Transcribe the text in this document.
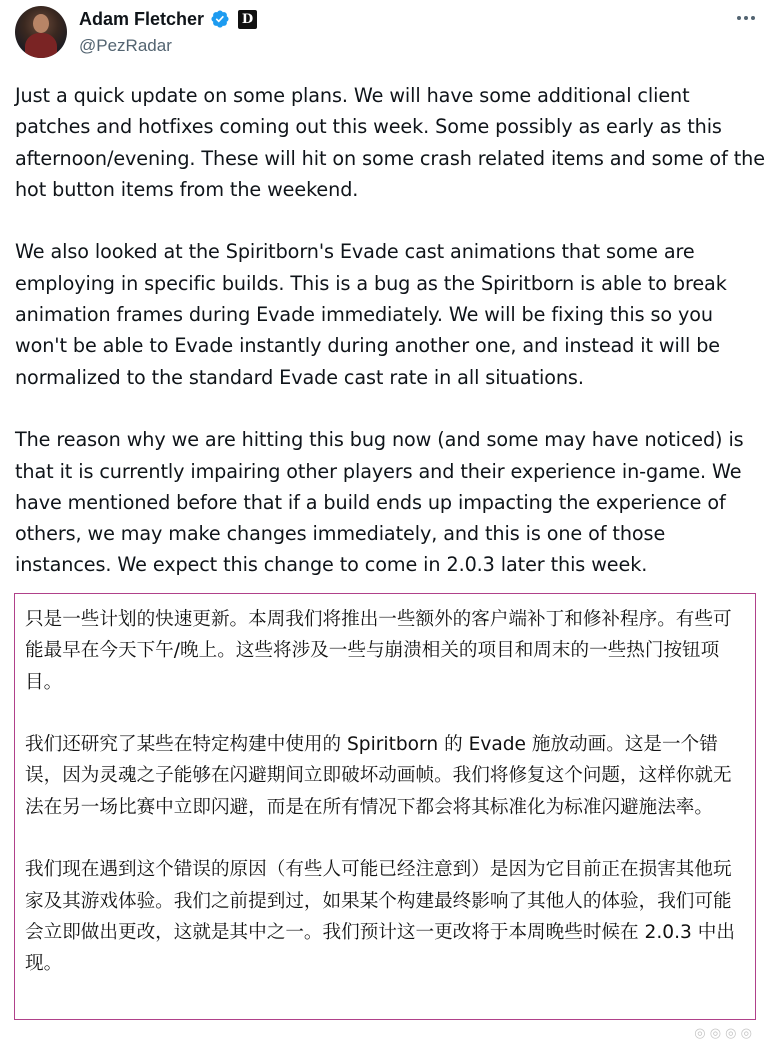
Adam Fletcher	D
@PezRadar

Just a quick update on some plans. We will have some additional client patches and hotfixes coming out this week. Some possibly as early as this afternoon/evening. These will hit on some crash related items and some of the hot button items from the weekend.

We also looked at the Spiritborn's Evade cast animations that some are employing in specific builds. This is a bug as the Spiritborn is able to break animation frames during Evade immediately. We will be fixing this so you won't be able to Evade instantly during another one, and instead it will be normalized to the standard Evade cast rate in all situations.

The reason why we are hitting this bug now (and some may have noticed) is that it is currently impairing other players and their experience in-game. We have mentioned before that if a build ends up impacting the experience of others, we may make changes immediately, and this is one of those instances. We expect this change to come in 2.0.3 later this week.

只是一些计划的快速更新。本周我们将推出一些额外的客户端补丁和修补程序。有些可能最早在今天下午/晚上。这些将涉及一些与崩溃相关的项目和周末的一些热门按钮项目。

我们还研究了某些在特定构建中使用的 Spiritborn 的 Evade 施放动画。这是一个错误，因为灵魂之子能够在闪避期间立即破坏动画帧。我们将修复这个问题，这样你就无法在另一场比赛中立即闪避，而是在所有情况下都会将其标准化为标准闪避施法率。

我们现在遇到这个错误的原因（有些人可能已经注意到）是因为它目前正在损害其他玩家及其游戏体验。我们之前提到过，如果某个构建最终影响了其他人的体验，我们可能会立即做出更改，这就是其中之一。我们预计这一更改将于本周晚些时候在 2.0.3 中出现。

◎ ◎ ◎ ◎
